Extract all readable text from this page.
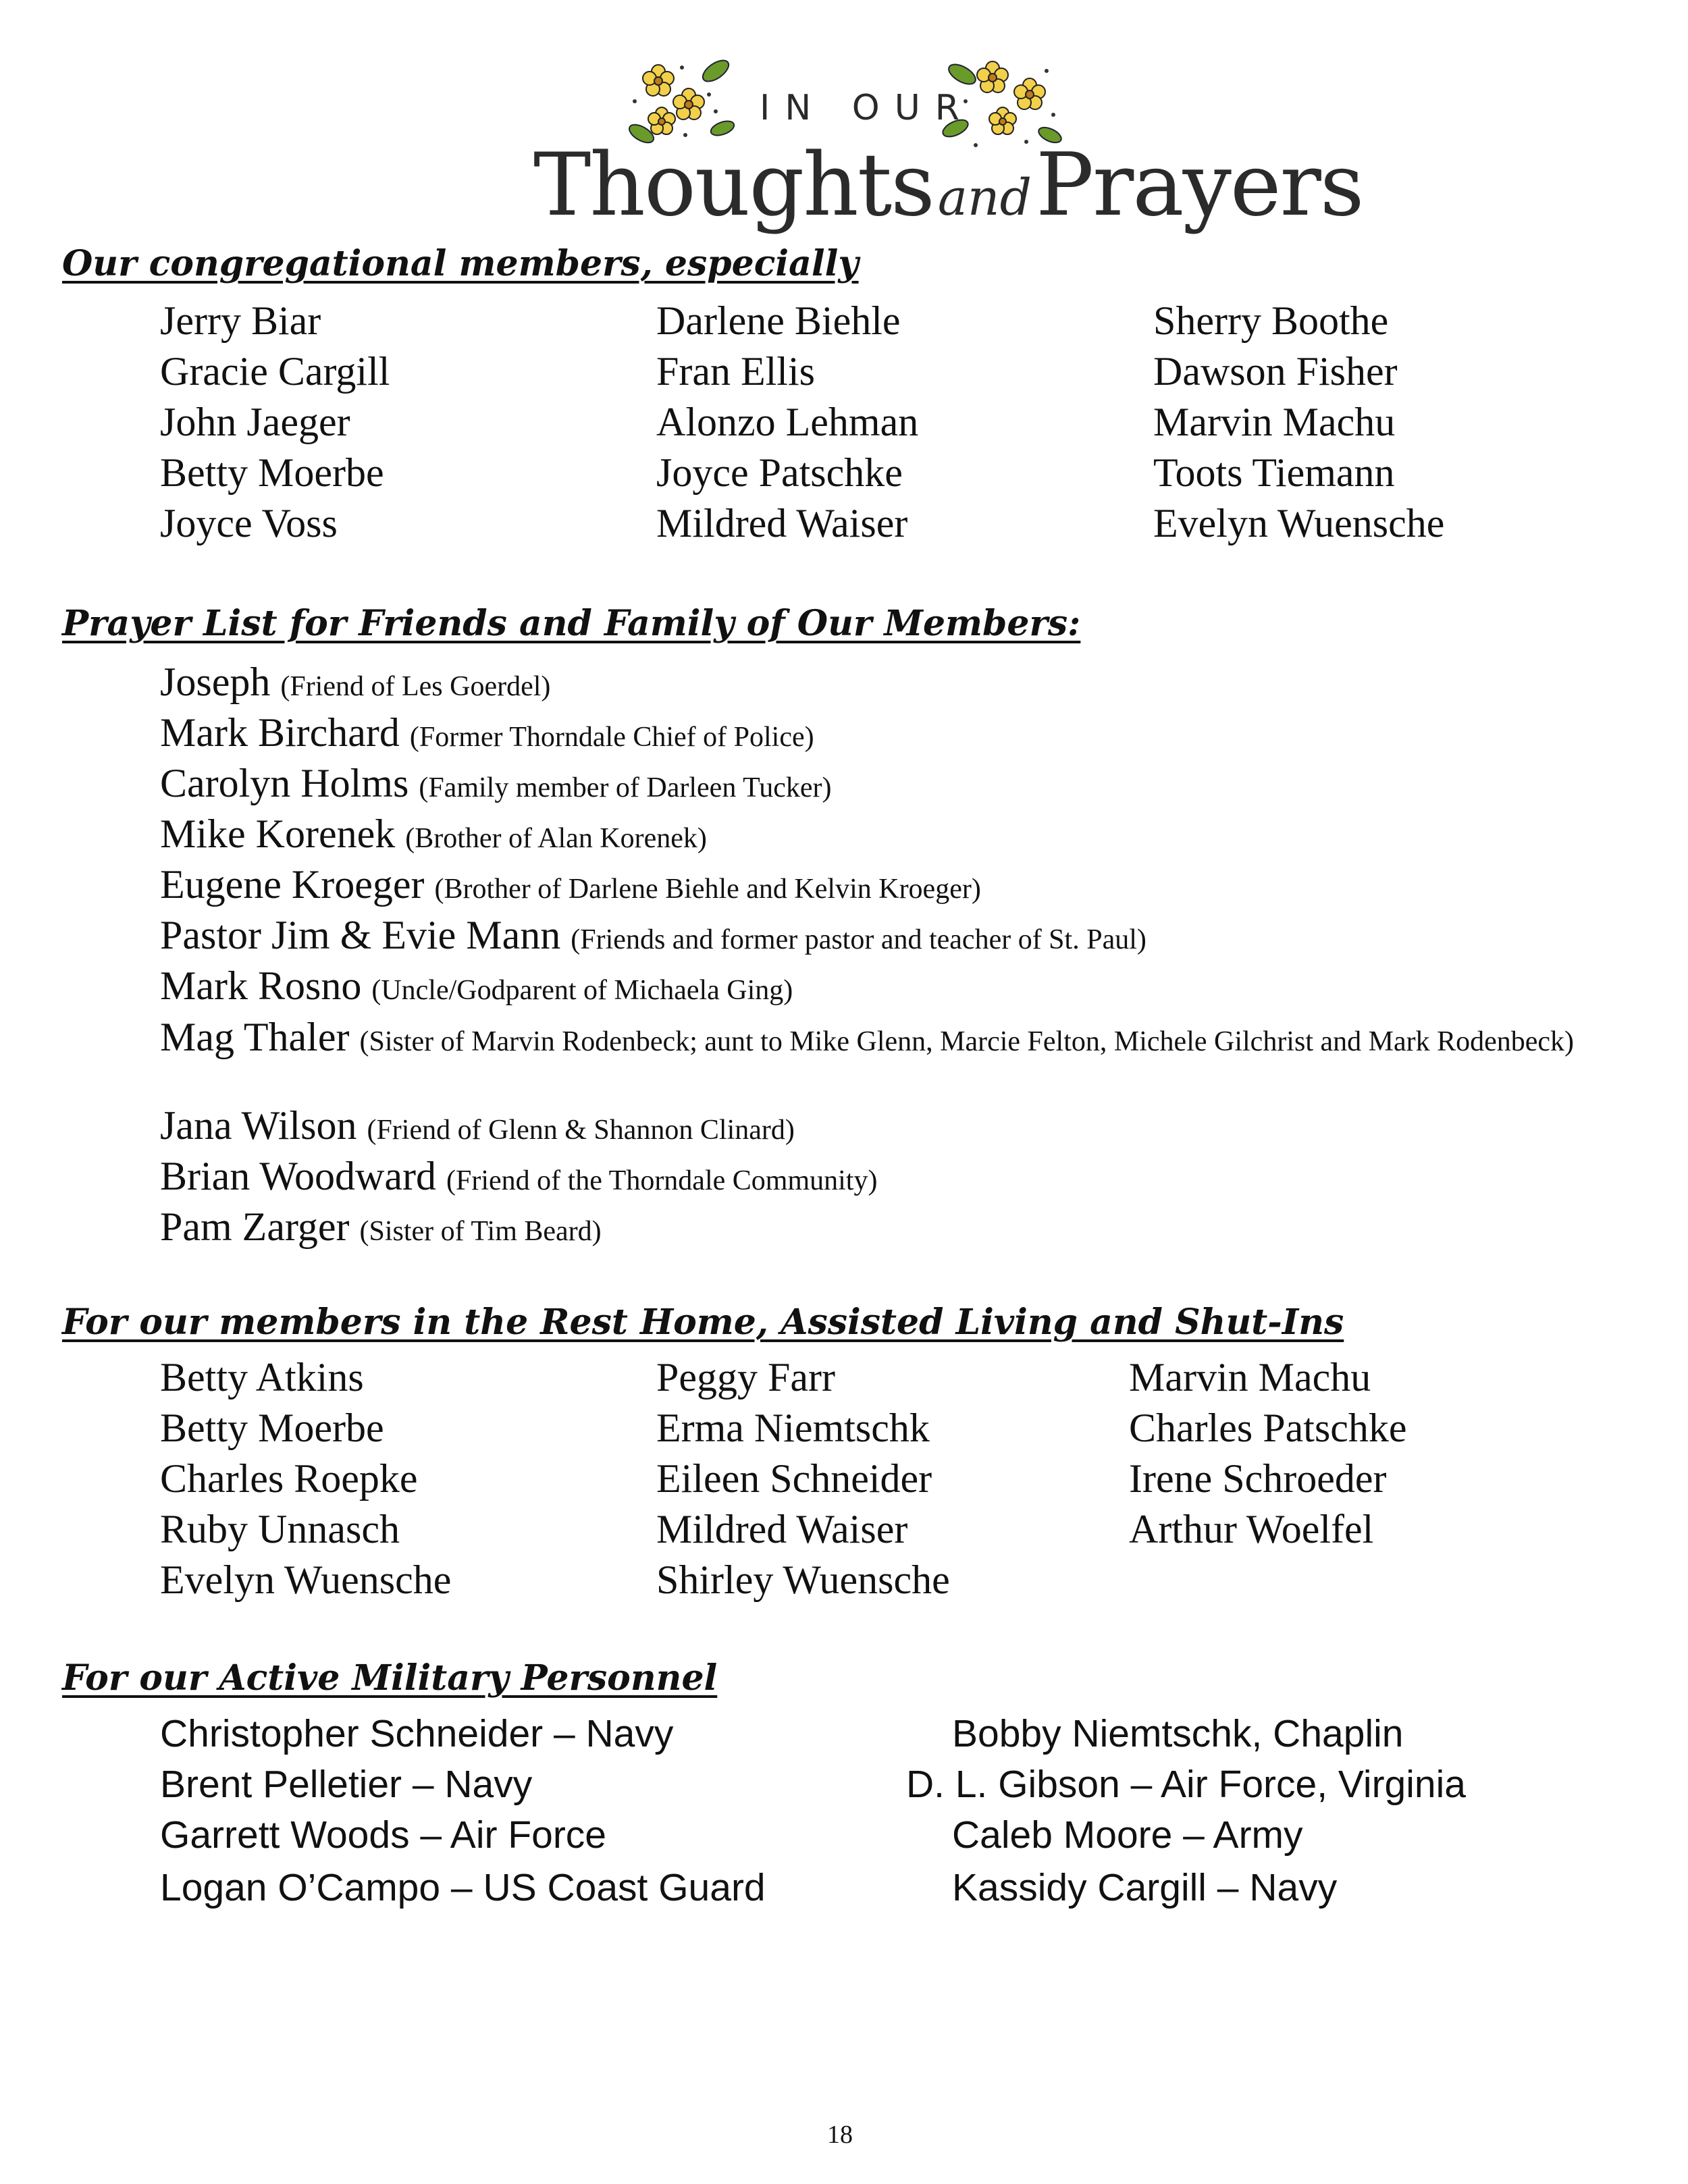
IN OUR
ThoughtsandPrayers
Our congregational members, especially
Jerry Biar
Gracie Cargill
John Jaeger
Betty Moerbe
Joyce Voss
Darlene Biehle
Fran Ellis
Alonzo Lehman
Joyce Patschke
Mildred Waiser
Sherry Boothe
Dawson Fisher
Marvin Machu
Toots Tiemann
Evelyn Wuensche
Prayer List for Friends and Family of Our Members:
Joseph (Friend of Les Goerdel)
Mark Birchard (Former Thorndale Chief of Police)
Carolyn Holms (Family member of Darleen Tucker)
Mike Korenek (Brother of Alan Korenek)
Eugene Kroeger (Brother of Darlene Biehle and Kelvin Kroeger)
Pastor Jim & Evie Mann (Friends and former pastor and teacher of St. Paul)
Mark Rosno (Uncle/Godparent of Michaela Ging)
Mag Thaler (Sister of Marvin Rodenbeck; aunt to Mike Glenn, Marcie Felton, Michele Gilchrist and Mark Rodenbeck)
Jana Wilson (Friend of Glenn & Shannon Clinard)
Brian Woodward (Friend of the Thorndale Community)
Pam Zarger (Sister of Tim Beard)
For our members in the Rest Home, Assisted Living and Shut-Ins
Betty Atkins
Betty Moerbe
Charles Roepke
Ruby Unnasch
Evelyn Wuensche
Peggy Farr
Erma Niemtschk
Eileen Schneider
Mildred Waiser
Shirley Wuensche
Marvin Machu
Charles Patschke
Irene Schroeder
Arthur Woelfel
For our Active Military Personnel
Christopher Schneider – Navy
Brent Pelletier – Navy
Garrett Woods – Air Force
Logan O’Campo – US Coast Guard
Bobby Niemtschk, Chaplin
D. L. Gibson – Air Force, Virginia
Caleb Moore – Army
Kassidy Cargill – Navy
18
